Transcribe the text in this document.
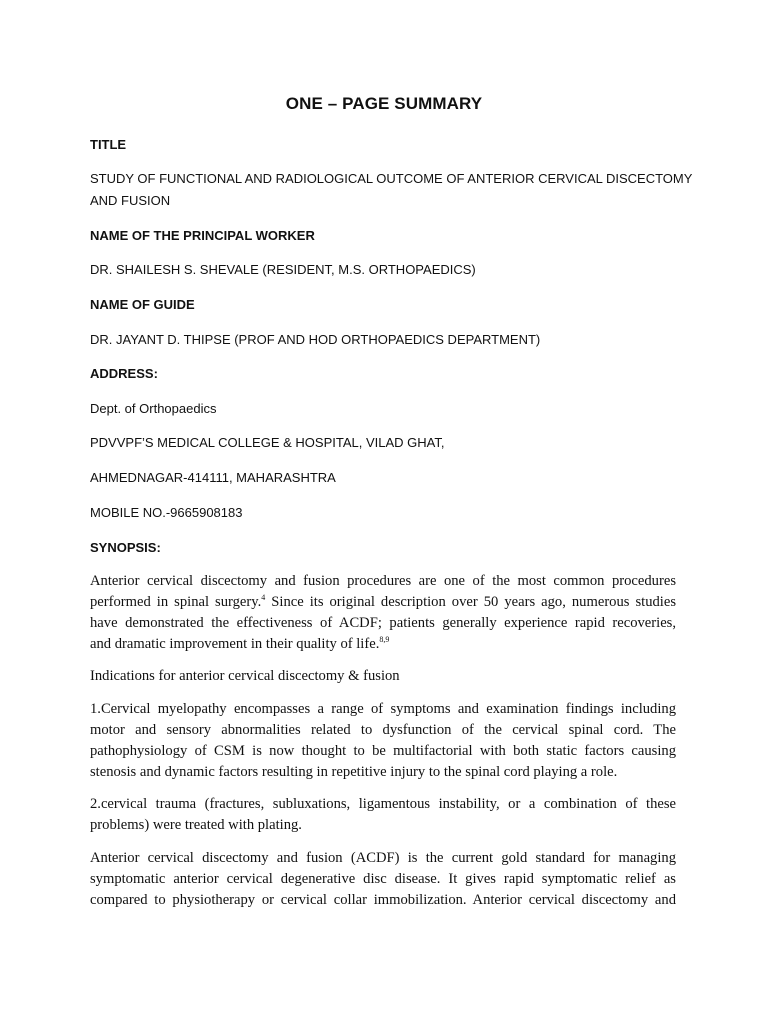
ONE – PAGE SUMMARY
TITLE
STUDY OF FUNCTIONAL AND RADIOLOGICAL OUTCOME OF ANTERIOR CERVICAL DISCECTOMY
AND FUSION
NAME OF THE PRINCIPAL WORKER
DR. SHAILESH S. SHEVALE (RESIDENT, M.S. ORTHOPAEDICS)
NAME OF GUIDE
DR. JAYANT D. THIPSE (PROF AND HOD ORTHOPAEDICS DEPARTMENT)
ADDRESS:
Dept. of Orthopaedics
PDVVPF’S MEDICAL COLLEGE & HOSPITAL, VILAD GHAT,
AHMEDNAGAR-414111, MAHARASHTRA
MOBILE NO.-9665908183
SYNOPSIS:
Anterior cervical discectomy and fusion procedures are one of the most common procedures
performed in spinal surgery.$^4$ Since its original description over 50 years ago, numerous studies
have demonstrated the effectiveness of ACDF; patients generally experience rapid recoveries,
and dramatic improvement in their quality of life.$^{8,9}$
Indications for anterior cervical discectomy & fusion
1.Cervical myelopathy encompasses a range of symptoms and examination findings including
motor and sensory abnormalities related to dysfunction of the cervical spinal cord. The
pathophysiology of CSM is now thought to be multifactorial with both static factors causing
stenosis and dynamic factors resulting in repetitive injury to the spinal cord playing a role.
2.cervical trauma (fractures, subluxations, ligamentous instability, or a combination of these
problems) were treated with plating.
Anterior cervical discectomy and fusion (ACDF) is the current gold standard for managing
symptomatic anterior cervical degenerative disc disease. It gives rapid symptomatic relief as
compared to physiotherapy or cervical collar immobilization. Anterior cervical discectomy and
